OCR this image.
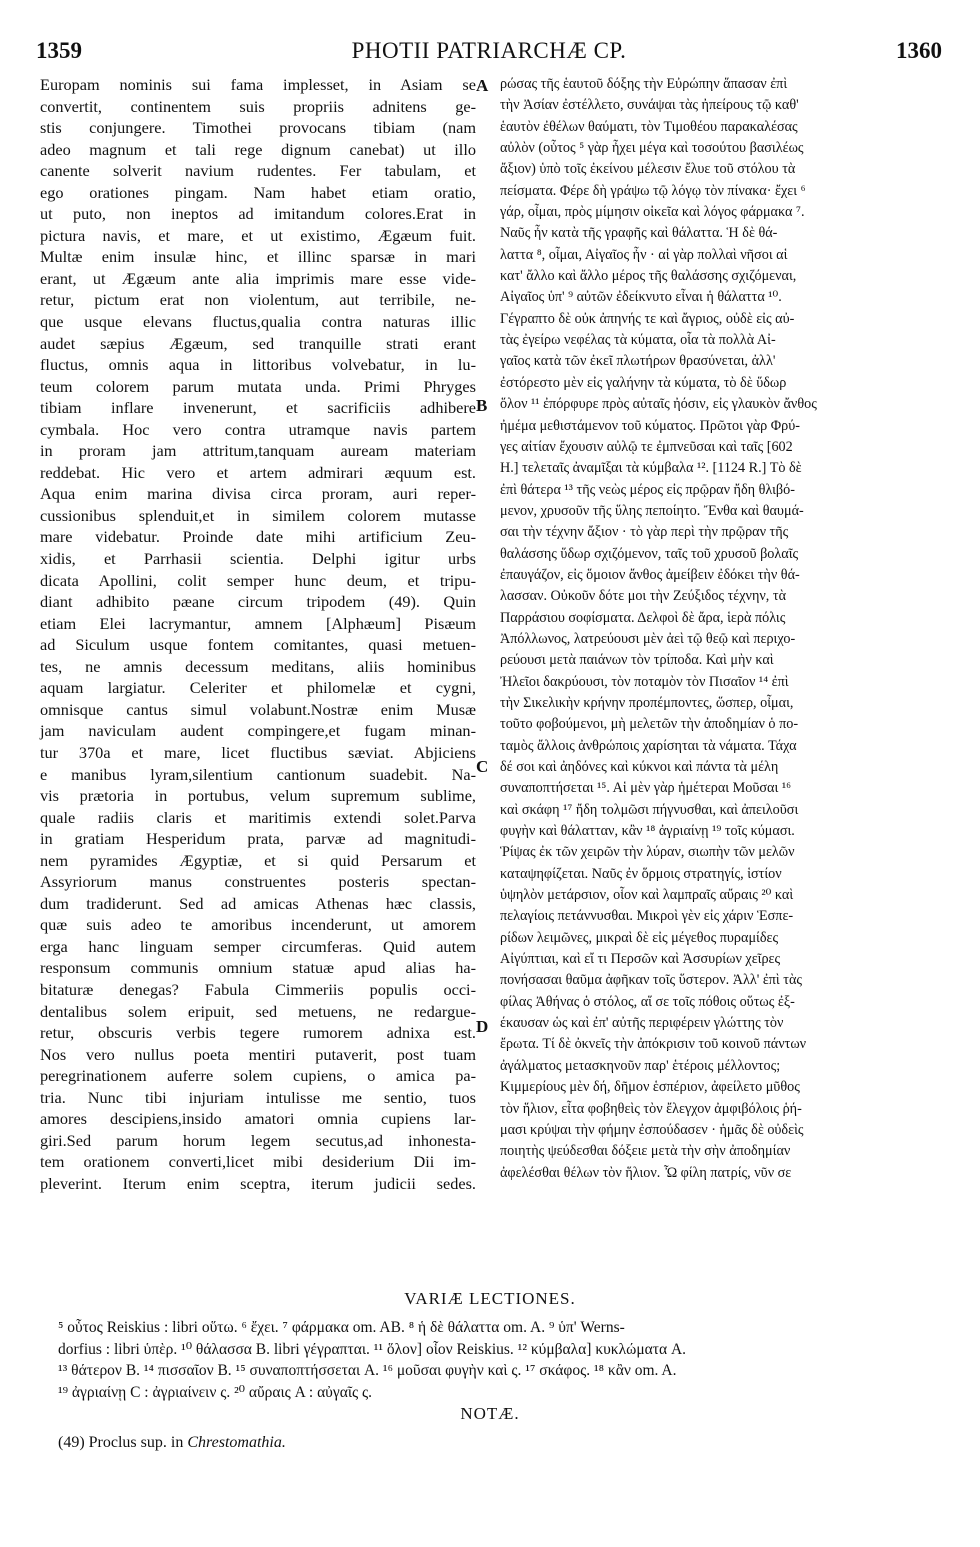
1359	PHOTII PATRIARCHÆ CP.	1360
Europam nominis sui fama implesset, in Asiam se
convertit, continentem suis propriis adnitens ge-
stis conjungere. Timothei provocans tibiam (nam
adeo magnum et tali rege dignum canebat) ut illo
canente solverit navium rudentes. Fer tabulam, et
ego orationes pingam. Nam habet etiam oratio,
ut puto, non ineptos ad imitandum colores.Erat in
pictura navis, et mare, et ut existimo, Ægæum fuit.
Multæ enim insulæ hinc, et illinc sparsæ in mari
erant, ut Ægæum ante alia imprimis mare esse vide-
retur, pictum erat non violentum, aut terribile, ne-
que usque elevans fluctus,qualia contra naturas illic
audet sæpius Ægæum, sed tranquille strati erant
fluctus, omnis aqua in littoribus volvebatur, in lu-
teum colorem parum mutata unda. Primi Phryges
tibiam inflare invenerunt, et sacrificiis adhibere
cymbala. Hoc vero contra utramque navis partem
in proram jam attritum,tanquam auream materiam
reddebat. Hic vero et artem admirari æquum est.
Aqua enim marina divisa circa proram, auri reper-
cussionibus splenduit,et in similem colorem mutasse
mare videbatur. Proinde date mihi artificium Zeu-
xidis, et Parrhasii scientia. Delphi igitur urbs
dicata Apollini, colit semper hunc deum, et tripu-
diant adhibito pæane circum tripodem (49). Quin
etiam Elei lacrymantur, amnem [Alphæum] Pisæum
ad Siculum usque fontem comitantes, quasi metuen-
tes, ne amnis decessum meditans, aliis hominibus
aquam largiatur. Celeriter et philomelæ et cygni,
omnisque cantus simul volabunt.Nostræ enim Musæ
jam naviculam audent compingere,et fugam minan-
tur 370a et mare, licet fluctibus sæviat. Abjiciens
e manibus lyram,silentium cantionum suadebit. Na-
vis prætoria in portubus, velum supremum sublime,
quale radiis claris et maritimis extendi solet.Parva
in gratiam Hesperidum prata, parvæ ad magnitudi-
nem pyramides Ægyptiæ, et si quid Persarum et
Assyriorum manus construentes posteris spectan-
dum tradiderunt. Sed ad amicas Athenas hæc classis,
quæ suis adeo te amoribus incenderunt, ut amorem
erga hanc linguam semper circumferas. Quid autem
responsum communis omnium statuæ apud alias ha-
bitaturæ denegas? Fabula Cimmeriis populis occi-
dentalibus solem eripuit, sed metuens, ne redargue-
retur, obscuris verbis tegere rumorem adnixa est.
Nos vero nullus poeta mentiri putaverit, post tuam
peregrinationem auferre solem cupiens, o amica pa-
tria. Nunc tibi injuriam intulisse me sentio, tuos
amores descipiens,insido amatori omnia cupiens lar-
giri.Sed parum horum legem secutus,ad inhonesta-
tem orationem converti,licet mibi desiderium Dii im-
pleverint. Iterum enim sceptra, iterum judicii sedes.
ρώσας τῆς ἑαυτοῦ δόξης τὴν Εὐρώπην ἅπασαν ἐπὶ
τὴν Ἀσίαν ἐστέλλετο, συνάψαι τὰς ἠπείρους τῷ καθ'
ἑαυτὸν ἐθέλων θαύματι, τὸν Τιμοθέου παρακαλέσας
αὐλὸν (οὗτος ⁵ γὰρ ἦχει μέγα καὶ τοσούτου βασιλέως
ἄξιον) ὑπὸ τοῖς ἐκείνου μέλεσιν ἔλυε τοῦ στόλου τὰ
πείσματα. Φέρε δὴ γράψω τῷ λόγῳ τὸν πίνακα· ἔχει ⁶
γάρ, οἶμαι, πρὸς μίμησιν οἰκεῖα καὶ λόγος φάρμακα ⁷.
Ναῦς ἦν κατὰ τῆς γραφῆς καὶ θάλαττα. Ἡ δὲ θά-
λαττα ⁸, οἶμαι, Αἰγαῖος ἦν · αἱ γὰρ πολλαὶ νῆσοι αἱ
κατ' ἄλλο καὶ ἄλλο μέρος τῆς θαλάσσης σχιζόμεναι,
Αἰγαῖος ὑπ' ⁹ αὐτῶν ἐδείκνυτο εἶναι ἡ θάλαττα ¹⁰.
Γέγραπτο δὲ οὐκ ἀπηνής τε καὶ ἄγριος, οὐδὲ εἰς αὐ-
τὰς ἐγείρω νεφέλας τὰ κύματα, οἷα τὰ πολλὰ Αἰ-
γαῖος κατὰ τῶν ἐκεῖ πλωτήρων θρασύνεται, ἀλλ'
ἐστόρεστο μὲν εἰς γαλήνην τὰ κύματα, τὸ δὲ ὕδωρ
ὅλον ¹¹ ἐπόρφυρε πρὸς αὐταῖς ἠόσιν, εἰς γλαυκὸν ἄνθος
ἠμέμα μεθιστάμενον τοῦ κύματος. Πρῶτοι γὰρ Φρύ-
γες αἰτίαν ἔχουσιν αὐλῷ τε ἐμπνεῦσαι καὶ ταῖς [602
H.] τελεταῖς ἀναμῖξαι τὰ κύμβαλα ¹². [1124 R.] Τὸ δὲ
ἐπὶ θάτερα ¹³ τῆς νεὼς μέρος εἰς πρῷραν ἤδη θλιβό-
μενον, χρυσοῦν τῆς ὕλης πεποίητο. Ἔνθα καὶ θαυμά-
σαι τὴν τέχνην ἄξιον · τὸ γὰρ περὶ τὴν πρῷραν τῆς
θαλάσσης ὕδωρ σχιζόμενον, ταῖς τοῦ χρυσοῦ βολαῖς
ἐπαυγάζον, εἰς ὅμοιον ἄνθος ἀμείβειν ἐδόκει τὴν θά-
λασσαν. Οὐκοῦν δότε μοι τὴν Ζεύξιδος τέχνην, τὰ
Παρράσιου σοφίσματα. Δελφοὶ δὲ ἄρα, ἱερὰ πόλις
Ἀπόλλωνος, λατρεύουσι μὲν ἀεὶ τῷ θεῷ καὶ περιχο-
ρεύουσι μετὰ παιάνων τὸν τρίποδα. Καὶ μὴν καὶ
Ἠλεῖοι δακρύουσι, τὸν ποταμὸν τὸν Πισαῖον ¹⁴ ἐπὶ
τὴν Σικελικὴν κρήνην προπέμποντες, ὥσπερ, οἶμαι,
τοῦτο φοβούμενοι, μὴ μελετῶν τὴν ἀποδημίαν ὁ πο-
ταμὸς ἄλλοις ἀνθρώποις χαρίσηται τὰ νάματα. Τάχα
δέ σοι καὶ ἀηδόνες καὶ κύκνοι καὶ πάντα τὰ μέλη
συναποπτήσεται ¹⁵. Αἱ μὲν γὰρ ἡμέτεραι Μοῦσαι ¹⁶
καὶ σκάφη ¹⁷ ἤδη τολμῶσι πήγνυσθαι, καὶ ἀπειλοῦσι
φυγὴν καὶ θάλατταν, κἂν ¹⁸ ἀγριαίνῃ ¹⁹ τοῖς κύμασι.
Ῥίψας ἐκ τῶν χειρῶν τὴν λύραν, σιωπὴν τῶν μελῶν
καταψηφίζεται. Ναῦς ἐν ὅρμοις στρατηγίς, ἱστίον
ὑψηλὸν μετάρσιον, οἷον καὶ λαμπραῖς αὔραις ²⁰ καὶ
πελαγίοις πετάννυσθαι. Μικροὶ γὲν εἰς χάριν Ἑσπε-
ρίδων λειμῶνες, μικραὶ δὲ εἰς μέγεθος πυραμίδες
Αἰγύπτιαι, καὶ εἴ τι Περσῶν καὶ Ἀσσυρίων χεῖρες
πονήσασαι θαῦμα ἀφῆκαν τοῖς ὕστερον. Ἀλλ' ἐπὶ τὰς
φίλας Ἀθήνας ὁ στόλος, αἵ σε τοῖς πόθοις οὕτως ἐξ-
έκαυσαν ὡς καὶ ἐπ' αὐτῆς περιφέρειν γλώττης τὸν
ἔρωτα. Τί δὲ ὀκνεῖς τὴν ἀπόκρισιν τοῦ κοινοῦ πάντων
ἀγάλματος μετασκηνοῦν παρ' ἑτέροις μέλλοντος;
Κιμμερίους μὲν δή, δῆμον ἑσπέριον, ἀφείλετο μῦθος
τὸν ἥλιον, εἶτα φοβηθεὶς τὸν ἔλεγχον ἀμφιβόλοις ῥή-
μασι κρύψαι τὴν φήμην ἐσπούδασεν · ἡμᾶς δὲ οὐδεὶς
ποιητὴς ψεύδεσθαι δόξειε μετὰ τὴν σὴν ἀποδημίαν
ἀφελέσθαι θέλων τὸν ἥλιον. Ὦ φίλη πατρίς, νῦν σε
A
B
C
D
VARIÆ LECTIONES.
⁵ οὗτος Reiskius : libri οὕτω. ⁶ ἔχει. ⁷ φάρμακα om. AB. ⁸ ἡ δὲ θάλαττα om. A. ⁹ ὑπ' Werns-
dorfius : libri ὑπὲρ. ¹⁰ θάλασσα B. libri γέγραπται. ¹¹ ὅλον] οἷον Reiskius. ¹² κύμβαλα] κυκλώματα A.
¹³ θάτερον B. ¹⁴ πισσαῖον B. ¹⁵ συναποπτήσσεται A. ¹⁶ μοῦσαι φυγὴν καὶ ς. ¹⁷ σκάφος. ¹⁸ κἂν om. A.
¹⁹ ἀγριαίνῃ C : ἀγριαίνειν ς. ²⁰ αὔραις A : αὐγαῖς ς.
NOTÆ.
(49) Proclus sup. in Chrestomathia.
